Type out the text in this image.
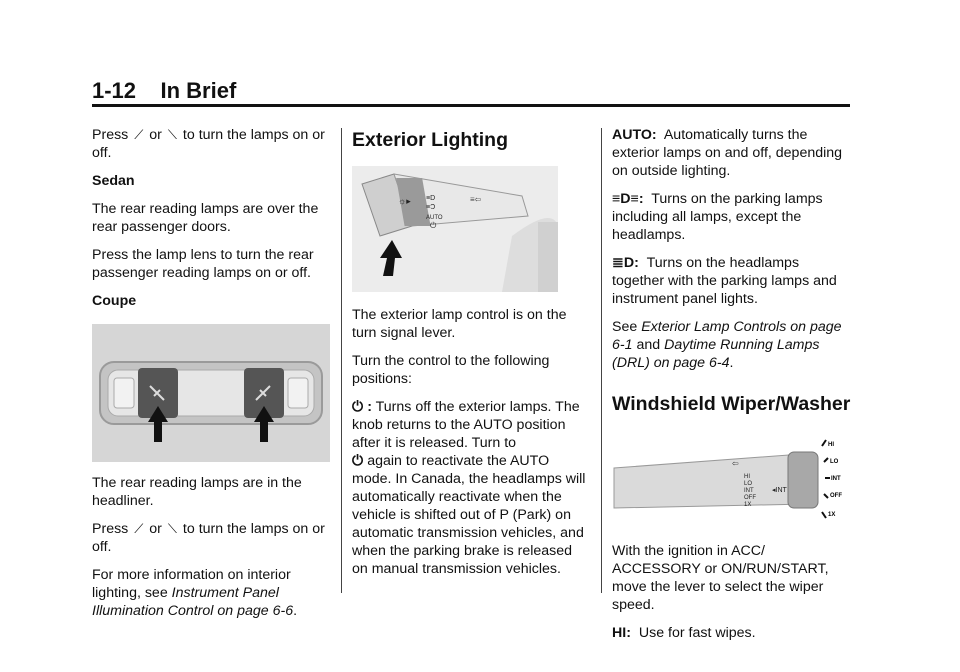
1-12    In Brief

Press ⟋ or ⟍ to turn the lamps on or off.

Sedan

The rear reading lamps are over the rear passenger doors.

Press the lamp lens to turn the rear passenger reading lamps on or off.

Coupe

The rear reading lamps are in the headliner.

Press ⟋ or ⟍ to turn the lamps on or off.

For more information on interior lighting, see Instrument Panel Illumination Control on page 6-6.

Exterior Lighting
☼▸ ≡D
≡Ɔ
AUTO
⏻
≡⇦

The exterior lamp control is on the turn signal lever.

Turn the control to the following positions:

⏻ : Turns off the exterior lamps. The knob returns to the AUTO position after it is released. Turn to
⏻ again to reactivate the AUTO mode. In Canada, the headlamps will automatically reactivate when the vehicle is shifted out of P (Park) on automatic transmission vehicles, and when the parking brake is released on manual transmission vehicles.

AUTO: Automatically turns the exterior lamps on and off, depending on outside lighting.

≡D≡: Turns on the parking lamps including all lamps, except the headlamps.

≣D: Turns on the headlamps together with the parking lamps and instrument panel lights.

See Exterior Lamp Controls on page 6-1 and Daytime Running Lamps (DRL) on page 6-4.

Windshield Wiper/Washer
⇦
HI
LO
INT
OFF
1X
◂INT
HI
LO
INT
OFF
1X

With the ignition in ACC/ ACCESSORY or ON/RUN/START, move the lever to select the wiper speed.

HI: Use for fast wipes.
